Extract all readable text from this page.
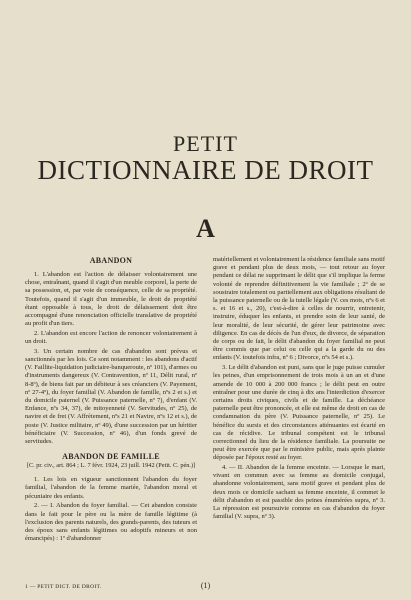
PETIT
DICTIONNAIRE DE DROIT
A
ABANDON

1. L'abandon est l'action de délaisser volontairement une chose, entraînant, quand il s'agit d'un meuble corporel, la perte de sa possession, et, par voie de conséquence, celle de sa propriété. Toutefois, quand il s'agit d'un immeuble, le droit de propriété étant opposable à tous, le droit de délaissement doit être accompagné d'une renonciation officielle translative de propriété au profit d'un tiers.

2. L'abandon est encore l'action de renoncer volontairement à un droit.

3. Un certain nombre de cas d'abandon sont prévus et sanctionnés par les lois. Ce sont notamment : les abandons d'actif (V. Faillite-liquidation judiciaire-banqueroute, nº 101), d'armes ou d'instruments dangereux (V. Contravention, nº 11, Délit rural, nº 8-8º), de biens fait par un débiteur à ses créanciers (V. Payement, nº 27-4º), du foyer familial (V. Abandon de famille, nºs 2 et s.) et du domicile paternel (V. Puissance paternelle, nº 7), d'enfant (V. Enfance, nºs 34, 37), de mitoyenneté (V. Servitudes, nº 25), de navire et de fret (V. Affrètement, nºs 21 et Navire, nºs 12 et s.), de poste (V. Justice militaire, nº 49), d'une succession par un héritier bénéficiaire (V. Succession, nº 46), d'un fonds grevé de servitudes.

ABANDON DE FAMILLE
[C. pr. civ., art. 864 ; L. 7 févr. 1924, 23 juill. 1942 (Petit. C. pén.)]

1. Les lois en vigueur sanctionnent l'abandon du foyer familial, l'abandon de la femme mariée, l'abandon moral et pécuniaire des enfants.

2. — I. Abandon du foyer familial. — Cet abandon consiste dans le fait pour le père ou la mère de famille légitime (à l'exclusion des parents naturels, des grands-parents, des tuteurs et des époux sans enfants légitimes ou adoptifs mineurs et non émancipés) : 1º d'abandonner

matériellement et volontairement la résidence familiale sans motif grave et pendant plus de deux mois, — tout retour au foyer pendant ce délai ne supprimant le délit que s'il implique la ferme volonté de reprendre définitivement la vie familiale ; 2º de se soustraire totalement ou partiellement aux obligations résultant de la puissance paternelle ou de la tutelle légale (V. ces mots, nºs 6 et s. et 16 et s., 20), c'est-à-dire à celles de nourrir, entretenir, instruire, éduquer les enfants, et prendre soin de leur santé, de leur moralité, de leur sécurité, de gérer leur patrimoine avec diligence. En cas de décès de l'un d'eux, de divorce, de séparation de corps ou de fait, le délit d'abandon du foyer familial ne peut être commis que par celui ou celle qui a la garde du ou des enfants (V. toutefois infra, nº 6 ; Divorce, nºs 54 et s.).

3. Le délit d'abandon est puni, sans que le juge puisse cumuler les peines, d'un emprisonnement de trois mois à un an et d'une amende de 10 000 à 200 000 francs ; le délit peut en outre entraîner pour une durée de cinq à dix ans l'interdiction d'exercer certains droits civiques, civils et de famille. La déchéance paternelle peut être prononcée, et elle est même de droit en cas de condamnation du père (V. Puissance paternelle, nº 25). Le bénéfice du sursis et des circonstances atténuantes est écarté en cas de récidive. Le tribunal compétent est le tribunal correctionnel du lieu de la résidence familiale. La poursuite ne peut être exercée que par le ministère public, mais après plainte déposée par l'époux resté au foyer.

4. — II. Abandon de la femme enceinte. — Lorsque le mari, vivant en commun avec sa femme au domicile conjugal, abandonne volontairement, sans motif grave et pendant plus de deux mois ce domicile sachant sa femme enceinte, il commet le délit d'abandon et est passible des peines énumérées supra, nº 3. La répression est poursuivie comme en cas d'abandon du foyer familial (V. supra, nº 3).

1 — PETIT DICT. DE DROIT.	(1)
